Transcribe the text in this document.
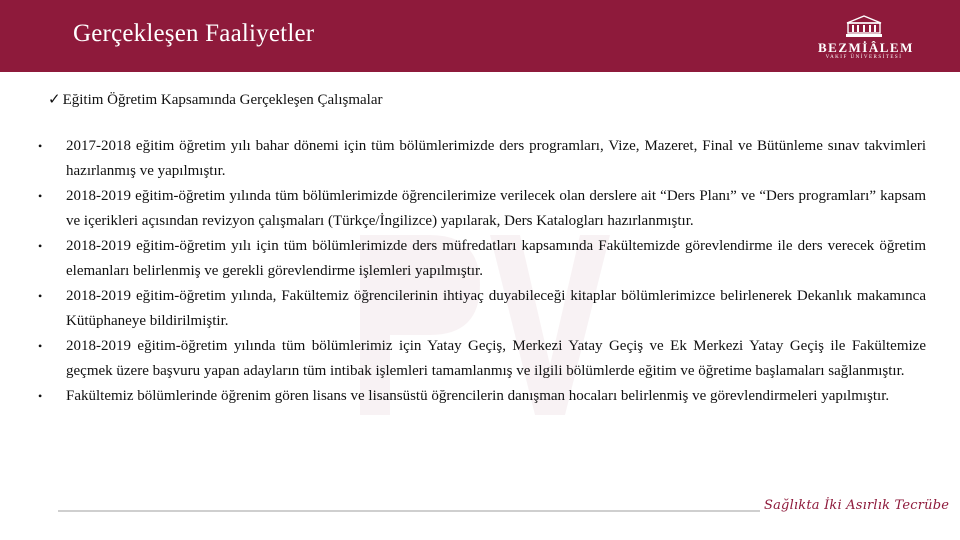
Gerçekleşen Faaliyetler
BEZMİÂLEM
VAKIF ÜNİVERSİTESİ
✓ Eğitim Öğretim Kapsamında Gerçekleşen Çalışmalar
• 2017-2018 eğitim öğretim yılı bahar dönemi için tüm bölümlerimizde ders programları, Vize, Mazeret, Final ve Bütünleme sınav takvimleri hazırlanmış ve yapılmıştır.
• 2018-2019 eğitim-öğretim yılında tüm bölümlerimizde öğrencilerimize verilecek olan derslere ait “Ders Planı” ve “Ders programları” kapsam ve içerikleri açısından revizyon çalışmaları (Türkçe/İngilizce) yapılarak, Ders Katalogları hazırlanmıştır.
• 2018-2019 eğitim-öğretim yılı için tüm bölümlerimizde ders müfredatları kapsamında Fakültemizde görevlendirme ile ders verecek öğretim elemanları belirlenmiş ve gerekli görevlendirme işlemleri yapılmıştır.
• 2018-2019 eğitim-öğretim yılında, Fakültemiz öğrencilerinin ihtiyaç duyabileceği kitaplar bölümlerimizce belirlenerek Dekanlık makamınca Kütüphaneye bildirilmiştir.
• 2018-2019 eğitim-öğretim yılında tüm bölümlerimiz için Yatay Geçiş, Merkezi Yatay Geçiş ve Ek Merkezi Yatay Geçiş ile Fakültemize geçmek üzere başvuru yapan adayların tüm intibak işlemleri tamamlanmış ve ilgili bölümlerde eğitim ve öğretime başlamaları sağlanmıştır.
• Fakültemiz bölümlerinde öğrenim gören lisans ve lisansüstü öğrencilerin danışman hocaları belirlenmiş ve görevlendirmeleri yapılmıştır.
Sağlıkta İki Asırlık Tecrübe
